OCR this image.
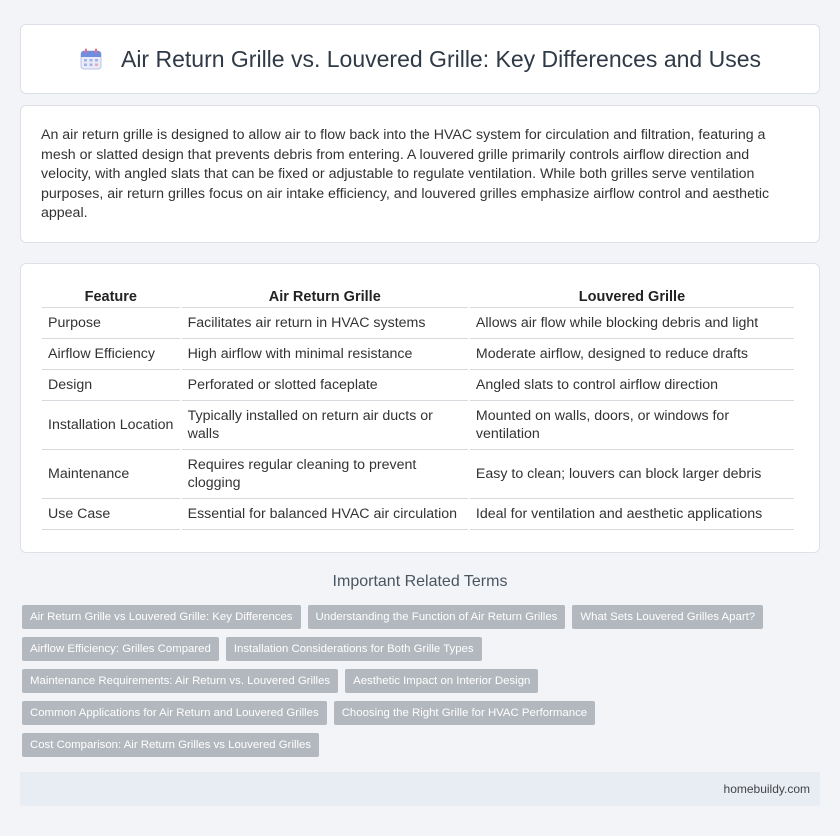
Air Return Grille vs. Louvered Grille: Key Differences and Uses

An air return grille is designed to allow air to flow back into the HVAC system for circulation and filtration, featuring a mesh or slatted design that prevents debris from entering. A louvered grille primarily controls airflow direction and velocity, with angled slats that can be fixed or adjustable to regulate ventilation. While both grilles serve ventilation purposes, air return grilles focus on air intake efficiency, and louvered grilles emphasize airflow control and aesthetic appeal.

Feature	Air Return Grille	Louvered Grille
Purpose	Facilitates air return in HVAC systems	Allows air flow while blocking debris and light
Airflow Efficiency	High airflow with minimal resistance	Moderate airflow, designed to reduce drafts
Design	Perforated or slotted faceplate	Angled slats to control airflow direction
Installation Location	Typically installed on return air ducts or walls	Mounted on walls, doors, or windows for ventilation
Maintenance	Requires regular cleaning to prevent clogging	Easy to clean; louvers can block larger debris
Use Case	Essential for balanced HVAC air circulation	Ideal for ventilation and aesthetic applications
Important Related Terms
Air Return Grille vs Louvered Grille: Key Differences	Understanding the Function of Air Return Grilles	What Sets Louvered Grilles Apart?
Airflow Efficiency: Grilles Compared	Installation Considerations for Both Grille Types
Maintenance Requirements: Air Return vs. Louvered Grilles	Aesthetic Impact on Interior Design
Common Applications for Air Return and Louvered Grilles	Choosing the Right Grille for HVAC Performance
Cost Comparison: Air Return Grilles vs Louvered Grilles
homebuildy.com
